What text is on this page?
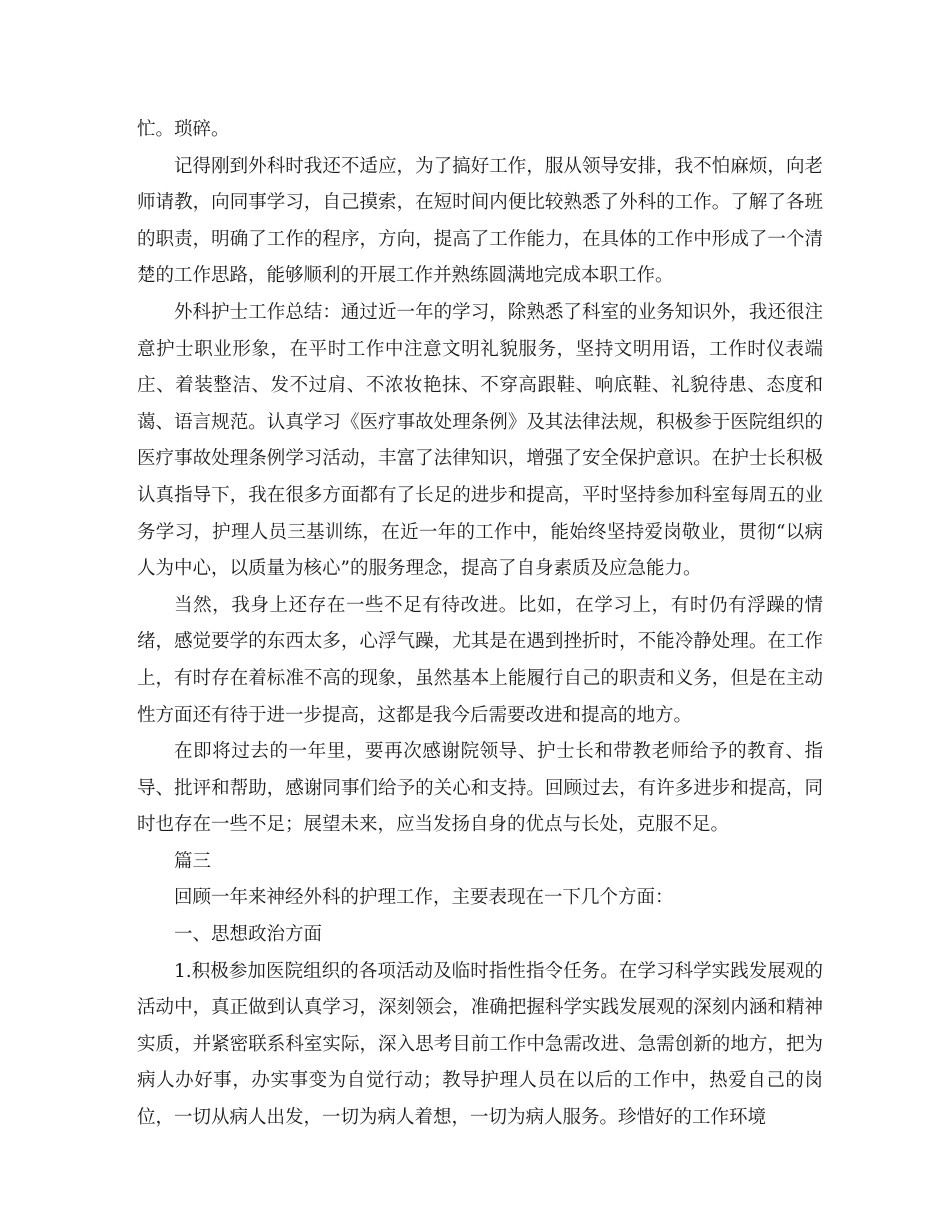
忙。琐碎。

记得刚到外科时我还不适应，为了搞好工作，服从领导安排，我不怕麻烦，向老师请教，向同事学习，自己摸索，在短时间内便比较熟悉了外科的工作。了解了各班的职责，明确了工作的程序，方向，提高了工作能力，在具体的工作中形成了一个清楚的工作思路，能够顺利的开展工作并熟练圆满地完成本职工作。

外科护士工作总结：通过近一年的学习，除熟悉了科室的业务知识外，我还很注意护士职业形象，在平时工作中注意文明礼貌服务，坚持文明用语，工作时仪表端庄、着装整洁、发不过肩、不浓妆艳抹、不穿高跟鞋、响底鞋、礼貌待患、态度和蔼、语言规范。认真学习《医疗事故处理条例》及其法律法规，积极参于医院组织的医疗事故处理条例学习活动，丰富了法律知识，增强了安全保护意识。在护士长积极认真指导下，我在很多方面都有了长足的进步和提高，平时坚持参加科室每周五的业务学习，护理人员三基训练，在近一年的工作中，能始终坚持爱岗敬业，贯彻“以病人为中心，以质量为核心”的服务理念，提高了自身素质及应急能力。

当然，我身上还存在一些不足有待改进。比如，在学习上，有时仍有浮躁的情绪，感觉要学的东西太多，心浮气躁，尤其是在遇到挫折时，不能冷静处理。在工作上，有时存在着标准不高的现象，虽然基本上能履行自己的职责和义务，但是在主动性方面还有待于进一步提高，这都是我今后需要改进和提高的地方。

在即将过去的一年里，要再次感谢院领导、护士长和带教老师给予的教育、指导、批评和帮助，感谢同事们给予的关心和支持。回顾过去，有许多进步和提高，同时也存在一些不足；展望未来，应当发扬自身的优点与长处，克服不足。

篇三

回顾一年来神经外科的护理工作，主要表现在一下几个方面：

一、思想政治方面

1.积极参加医院组织的各项活动及临时指性指令任务。在学习科学实践发展观的活动中，真正做到认真学习，深刻领会，准确把握科学实践发展观的深刻内涵和精神实质，并紧密联系科室实际，深入思考目前工作中急需改进、急需创新的地方，把为病人办好事，办实事变为自觉行动；教导护理人员在以后的工作中，热爱自己的岗位，一切从病人出发，一切为病人着想，一切为病人服务。珍惜好的工作环境
